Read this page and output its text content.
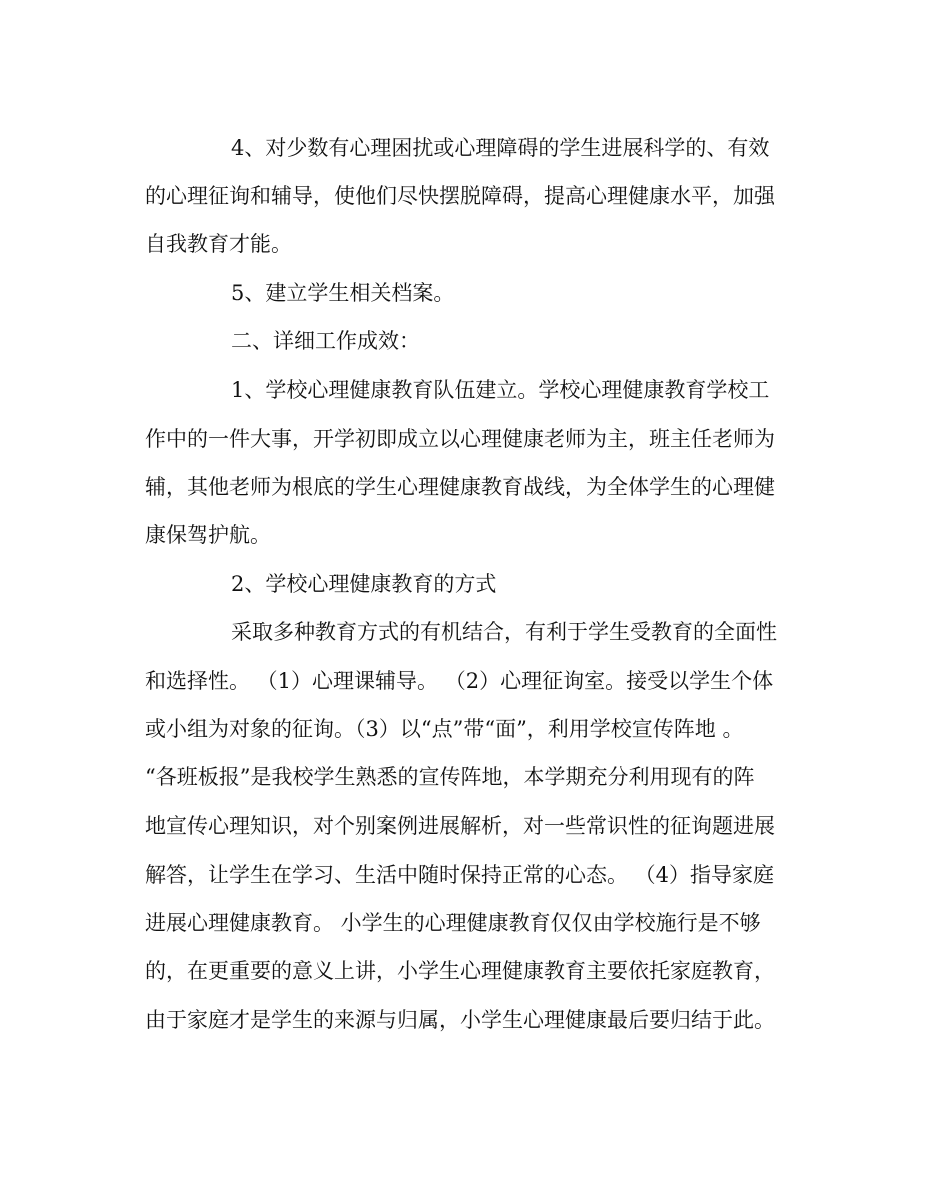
4、对少数有心理困扰或心理障碍的学生进展科学的、有效
的心理征询和辅导，使他们尽快摆脱障碍，提高心理健康水平，加强
自我教育才能。
5、建立学生相关档案。
二、详细工作成效：
1、学校心理健康教育队伍建立。学校心理健康教育学校工
作中的一件大事，开学初即成立以心理健康老师为主，班主任老师为
辅，其他老师为根底的学生心理健康教育战线，为全体学生的心理健
康保驾护航。
2、学校心理健康教育的方式
采取多种教育方式的有机结合，有利于学生受教育的全面性
和选择性。 （1）心理课辅导。 （2）心理征询室。接受以学生个体
或小组为对象的征询。（3）以“点”带“面”，利用学校宣传阵地 。
“各班板报”是我校学生熟悉的宣传阵地，本学期充分利用现有的阵
地宣传心理知识，对个别案例进展解析，对一些常识性的征询题进展
解答，让学生在学习、生活中随时保持正常的心态。 （4）指导家庭
进展心理健康教育。 小学生的心理健康教育仅仅由学校施行是不够
的，在更重要的意义上讲，小学生心理健康教育主要依托家庭教育，
由于家庭才是学生的来源与归属，小学生心理健康最后要归结于此。
